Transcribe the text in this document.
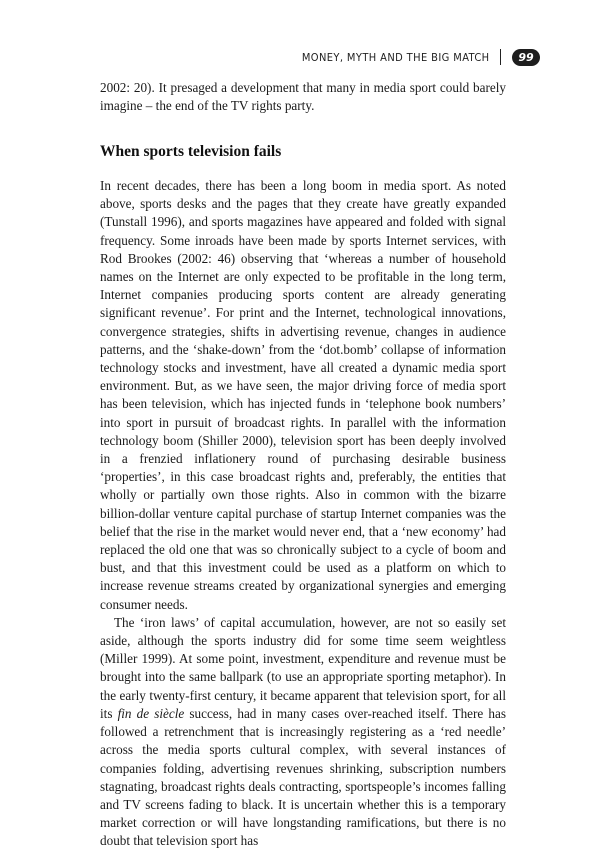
MONEY, MYTH AND THE BIG MATCH	99

2002: 20). It presaged a development that many in media sport could barely imagine – the end of the TV rights party.

When sports television fails

In recent decades, there has been a long boom in media sport. As noted above, sports desks and the pages that they create have greatly expanded (Tunstall 1996), and sports magazines have appeared and folded with signal frequency. Some inroads have been made by sports Internet services, with Rod Brookes (2002: 46) observing that ‘whereas a number of household names on the Internet are only expected to be profitable in the long term, Internet companies producing sports content are already generating significant revenue’. For print and the Internet, technological innovations, convergence strategies, shifts in advertising revenue, changes in audience patterns, and the ‘shake-down’ from the ‘dot.bomb’ collapse of information technology stocks and investment, have all created a dynamic media sport environment. But, as we have seen, the major driving force of media sport has been television, which has injected funds in ‘telephone book numbers’ into sport in pursuit of broadcast rights. In parallel with the information technology boom (Shiller 2000), television sport has been deeply involved in a frenzied inflationery round of purchasing desirable business ‘properties’, in this case broadcast rights and, preferably, the entities that wholly or partially own those rights. Also in common with the bizarre billion-dollar venture capital purchase of startup Internet companies was the belief that the rise in the market would never end, that a ‘new economy’ had replaced the old one that was so chronically subject to a cycle of boom and bust, and that this investment could be used as a platform on which to increase revenue streams created by organizational synergies and emerging consumer needs.

The ‘iron laws’ of capital accumulation, however, are not so easily set aside, although the sports industry did for some time seem weightless (Miller 1999). At some point, investment, expenditure and revenue must be brought into the same ballpark (to use an appropriate sporting metaphor). In the early twenty-first century, it became apparent that television sport, for all its fin de siècle success, had in many cases over-reached itself. There has followed a retrenchment that is increasingly registering as a ‘red needle’ across the media sports cultural complex, with several instances of companies folding, advertising revenues shrinking, subscription numbers stagnating, broadcast rights deals contracting, sportspeople’s incomes falling and TV screens fading to black. It is uncertain whether this is a temporary market correction or will have longstanding ramifications, but there is no doubt that television sport has
